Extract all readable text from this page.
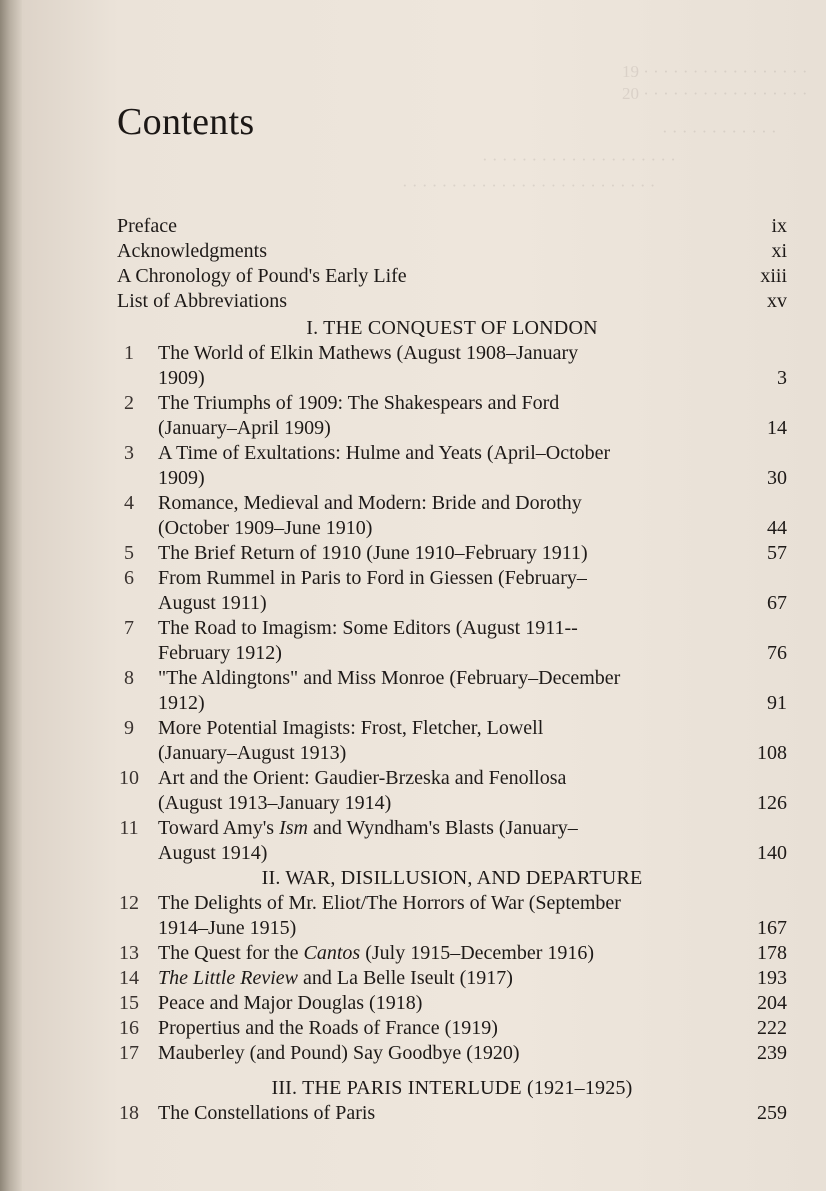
19 · · · · · · · · · · · · · · · · ·
20 · · · · · · · · · · · · · · · · ·
· · · · · · · · · · · ·
· · · · · · · · · · · · · · · · · · · ·
· · · · · · · · · · · · · · · · · · · · · · · · · ·
Contents
Preface	ix
Acknowledgments	xi
A Chronology of Pound's Early Life	xiii
List of Abbreviations	xv
I. THE CONQUEST OF LONDON
1	The World of Elkin Mathews (August 1908–January
1909)	3
2	The Triumphs of 1909: The Shakespears and Ford
(January–April 1909)	14
3	A Time of Exultations: Hulme and Yeats (April–October
1909)	30
4	Romance, Medieval and Modern: Bride and Dorothy
(October 1909–June 1910)	44
5	The Brief Return of 1910 (June 1910–February 1911)	57
6	From Rummel in Paris to Ford in Giessen (February–
August 1911)	67
7	The Road to Imagism: Some Editors (August 1911--
February 1912)	76
8	"The Aldingtons" and Miss Monroe (February–December
1912)	91
9	More Potential Imagists: Frost, Fletcher, Lowell
(January–August 1913)	108
10 Art and the Orient: Gaudier-Brzeska and Fenollosa
(August 1913–January 1914)	126
11 Toward Amy's Ism and Wyndham's Blasts (January–
August 1914)	140
II. WAR, DISILLUSION, AND DEPARTURE
12 The Delights of Mr. Eliot/The Horrors of War (September
1914–June 1915)	167
13 The Quest for the Cantos (July 1915–December 1916)	178
14 The Little Review and La Belle Iseult (1917)	193
15 Peace and Major Douglas (1918)	204
16 Propertius and the Roads of France (1919)	222
17 Mauberley (and Pound) Say Goodbye (1920)	239
III. THE PARIS INTERLUDE (1921–1925)
18 The Constellations of Paris	259
